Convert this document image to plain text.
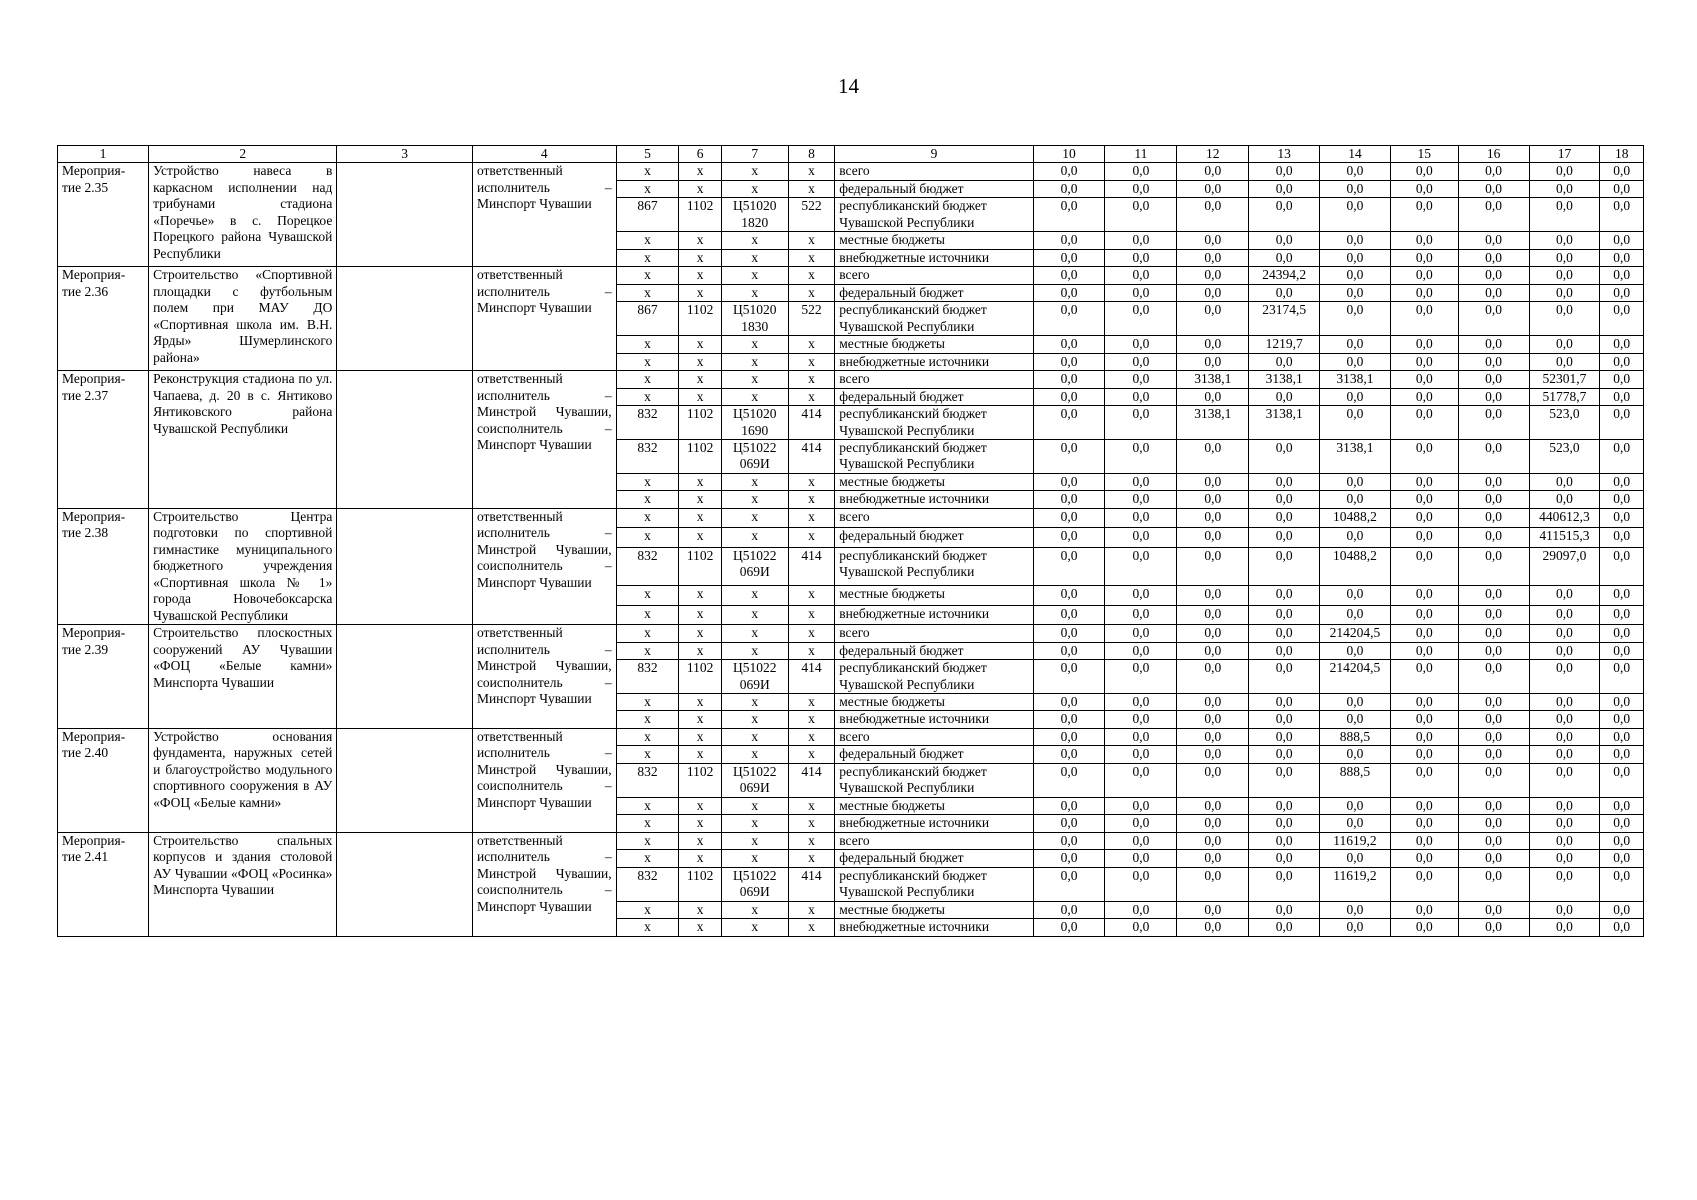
14
1	2	3	4	5	6	7	8	9	10	11	12	13	14	15	16	17	18
Мероприя-тие 2.35	Устройство навеса в каркасном исполнении над трибунами стадиона «Поречье» в с. Порецкое Порецкого района Чувашской Республики		ответственный исполнитель – Минспорт Чувашии	x	x	x	x	всего	0,0	0,0	0,0	0,0	0,0	0,0	0,0	0,0	0,0
				x	x	x	x	федеральный бюджет	0,0	0,0	0,0	0,0	0,0	0,0	0,0	0,0	0,0
				867	1102	Ц51020 1820	522	республиканский бюджет Чувашской Республики	0,0	0,0	0,0	0,0	0,0	0,0	0,0	0,0	0,0
				x	x	x	x	местные бюджеты	0,0	0,0	0,0	0,0	0,0	0,0	0,0	0,0	0,0
				x	x	x	x	внебюджетные источники	0,0	0,0	0,0	0,0	0,0	0,0	0,0	0,0	0,0
Мероприя-тие 2.36	Строительство «Спортивной площадки с футбольным полем при МАУ ДО «Спортивная школа им. В.Н. Ярды» Шумерлинского района»		ответственный исполнитель – Минспорт Чувашии	x	x	x	x	всего	0,0	0,0	0,0	24394,2	0,0	0,0	0,0	0,0	0,0
				x	x	x	x	федеральный бюджет	0,0	0,0	0,0	0,0	0,0	0,0	0,0	0,0	0,0
				867	1102	Ц51020 1830	522	республиканский бюджет Чувашской Республики	0,0	0,0	0,0	23174,5	0,0	0,0	0,0	0,0	0,0
				x	x	x	x	местные бюджеты	0,0	0,0	0,0	1219,7	0,0	0,0	0,0	0,0	0,0
				x	x	x	x	внебюджетные источники	0,0	0,0	0,0	0,0	0,0	0,0	0,0	0,0	0,0
Мероприя-тие 2.37	Реконструкция стадиона по ул. Чапаева, д. 20 в с. Янтиково Янтиковского района Чувашской Республики		ответственный исполнитель – Минстрой Чувашии, соисполнитель – Минспорт Чувашии	x	x	x	x	всего	0,0	0,0	3138,1	3138,1	3138,1	0,0	0,0	52301,7	0,0
				x	x	x	x	федеральный бюджет	0,0	0,0	0,0	0,0	0,0	0,0	0,0	51778,7	0,0
				832	1102	Ц51020 1690	414	республиканский бюджет Чувашской Республики	0,0	0,0	3138,1	3138,1	0,0	0,0	0,0	523,0	0,0
				832	1102	Ц51022 069И	414	республиканский бюджет Чувашской Республики	0,0	0,0	0,0	0,0	3138,1	0,0	0,0	523,0	0,0
				x	x	x	x	местные бюджеты	0,0	0,0	0,0	0,0	0,0	0,0	0,0	0,0	0,0
				x	x	x	x	внебюджетные источники	0,0	0,0	0,0	0,0	0,0	0,0	0,0	0,0	0,0
Мероприя-тие 2.38	Строительство Центра подготовки по спортивной гимнастике муниципального бюджетного учреждения «Спортивная школа № 1» города Новочебоксарска Чувашской Республики		ответственный исполнитель – Минстрой Чувашии, соисполнитель – Минспорт Чувашии	x	x	x	x	всего	0,0	0,0	0,0	0,0	10488,2	0,0	0,0	440612,3	0,0
				x	x	x	x	федеральный бюджет	0,0	0,0	0,0	0,0	0,0	0,0	0,0	411515,3	0,0
				832	1102	Ц51022 069И	414	республиканский бюджет Чувашской Республики	0,0	0,0	0,0	0,0	10488,2	0,0	0,0	29097,0	0,0
				x	x	x	x	местные бюджеты	0,0	0,0	0,0	0,0	0,0	0,0	0,0	0,0	0,0
				x	x	x	x	внебюджетные источники	0,0	0,0	0,0	0,0	0,0	0,0	0,0	0,0	0,0
Мероприя-тие 2.39	Строительство плоскостных сооружений АУ Чувашии «ФОЦ «Белые камни» Минспорта Чувашии		ответственный исполнитель – Минстрой Чувашии, соисполнитель – Минспорт Чувашии	x	x	x	x	всего	0,0	0,0	0,0	0,0	214204,5	0,0	0,0	0,0	0,0
				x	x	x	x	федеральный бюджет	0,0	0,0	0,0	0,0	0,0	0,0	0,0	0,0	0,0
				832	1102	Ц51022 069И	414	республиканский бюджет Чувашской Республики	0,0	0,0	0,0	0,0	214204,5	0,0	0,0	0,0	0,0
				x	x	x	x	местные бюджеты	0,0	0,0	0,0	0,0	0,0	0,0	0,0	0,0	0,0
				x	x	x	x	внебюджетные источники	0,0	0,0	0,0	0,0	0,0	0,0	0,0	0,0	0,0
Мероприя-тие 2.40	Устройство основания фундамента, наружных сетей и благоустройство модульного спортивного сооружения в АУ «ФОЦ «Белые камни»		ответственный исполнитель – Минстрой Чувашии, соисполнитель – Минспорт Чувашии	x	x	x	x	всего	0,0	0,0	0,0	0,0	888,5	0,0	0,0	0,0	0,0
				x	x	x	x	федеральный бюджет	0,0	0,0	0,0	0,0	0,0	0,0	0,0	0,0	0,0
				832	1102	Ц51022 069И	414	республиканский бюджет Чувашской Республики	0,0	0,0	0,0	0,0	888,5	0,0	0,0	0,0	0,0
				x	x	x	x	местные бюджеты	0,0	0,0	0,0	0,0	0,0	0,0	0,0	0,0	0,0
				x	x	x	x	внебюджетные источники	0,0	0,0	0,0	0,0	0,0	0,0	0,0	0,0	0,0
Мероприя-тие 2.41	Строительство спальных корпусов и здания столовой АУ Чувашии «ФОЦ «Росинка» Минспорта Чувашии		ответственный исполнитель – Минстрой Чувашии, соисполнитель – Минспорт Чувашии	x	x	x	x	всего	0,0	0,0	0,0	0,0	11619,2	0,0	0,0	0,0	0,0
				x	x	x	x	федеральный бюджет	0,0	0,0	0,0	0,0	0,0	0,0	0,0	0,0	0,0
				832	1102	Ц51022 069И	414	республиканский бюджет Чувашской Республики	0,0	0,0	0,0	0,0	11619,2	0,0	0,0	0,0	0,0
				x	x	x	x	местные бюджеты	0,0	0,0	0,0	0,0	0,0	0,0	0,0	0,0	0,0
				x	x	x	x	внебюджетные источники	0,0	0,0	0,0	0,0	0,0	0,0	0,0	0,0	0,0
